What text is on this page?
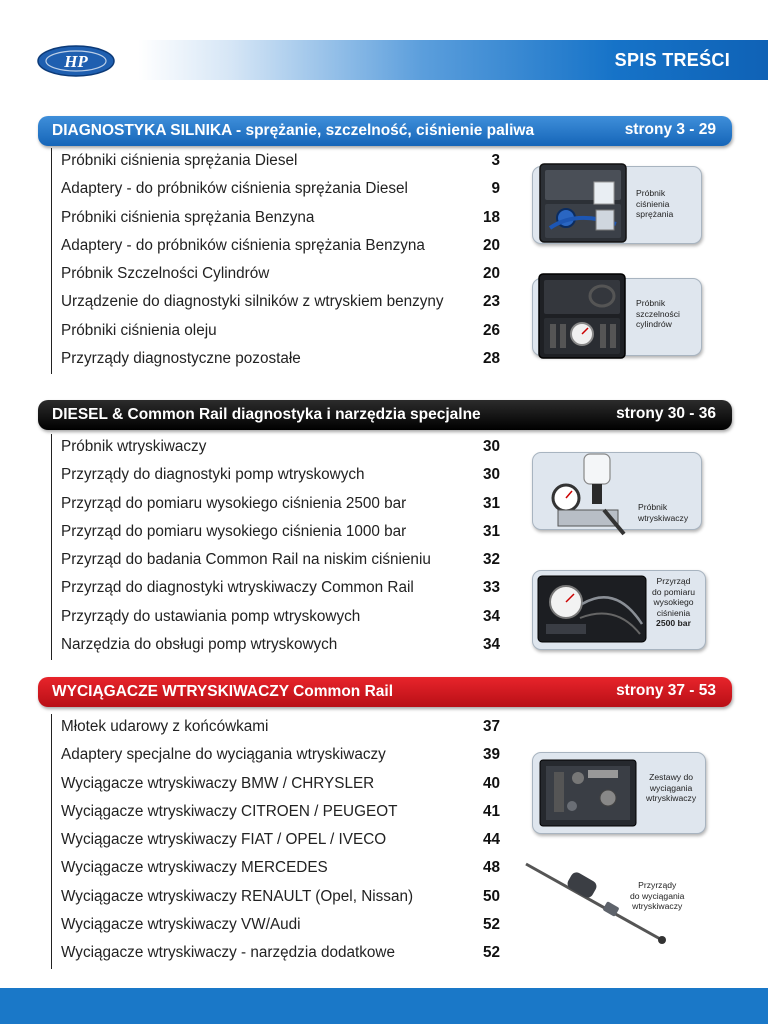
HP	SPIS TREŚCI
DIAGNOSTYKA SILNIKA - sprężanie, szczelność, ciśnienie paliwa	strony 3 - 29
Próbniki ciśnienia sprężania Diesel	3
Adaptery - do próbników ciśnienia sprężania Diesel	9
Próbniki ciśnienia sprężania Benzyna	18
Adaptery - do próbników ciśnienia sprężania Benzyna	20
Próbnik Szczelności Cylindrów	20
Urządzenie do diagnostyki silników z wtryskiem benzyny	23
Próbniki ciśnienia oleju	26
Przyrządy diagnostyczne pozostałe	28
Próbnik
ciśnienia
sprężania
Próbnik
szczelności
cylindrów
DIESEL & Common Rail diagnostyka i narzędzia specjalne	strony 30 - 36
Próbnik wtryskiwaczy	30
Przyrządy do diagnostyki pomp wtryskowych	30
Przyrząd do pomiaru wysokiego ciśnienia 2500 bar	31
Przyrząd do pomiaru wysokiego ciśnienia 1000 bar	31
Przyrząd do badania Common Rail na niskim ciśnieniu	32
Przyrząd do diagnostyki wtryskiwaczy Common Rail	33
Przyrządy do ustawiania pomp wtryskowych	34
Narzędzia do obsługi pomp wtryskowych	34
Próbnik
wtryskiwaczy
Przyrząd
do pomiaru
wysokiego
ciśnienia
2500 bar
WYCIĄGACZE WTRYSKIWACZY Common Rail	strony 37 - 53
Młotek udarowy z końcówkami	37
Adaptery specjalne do wyciągania wtryskiwaczy	39
Wyciągacze wtryskiwaczy BMW / CHRYSLER	40
Wyciągacze wtryskiwaczy CITROEN / PEUGEOT	41
Wyciągacze wtryskiwaczy FIAT / OPEL / IVECO	44
Wyciągacze wtryskiwaczy MERCEDES	48
Wyciągacze wtryskiwaczy RENAULT (Opel, Nissan)	50
Wyciągacze wtryskiwaczy VW/Audi	52
Wyciągacze wtryskiwaczy - narzędzia dodatkowe	52
Zestawy do
wyciągania
wtryskiwaczy
Przyrządy
do wyciągania
wtryskiwaczy
